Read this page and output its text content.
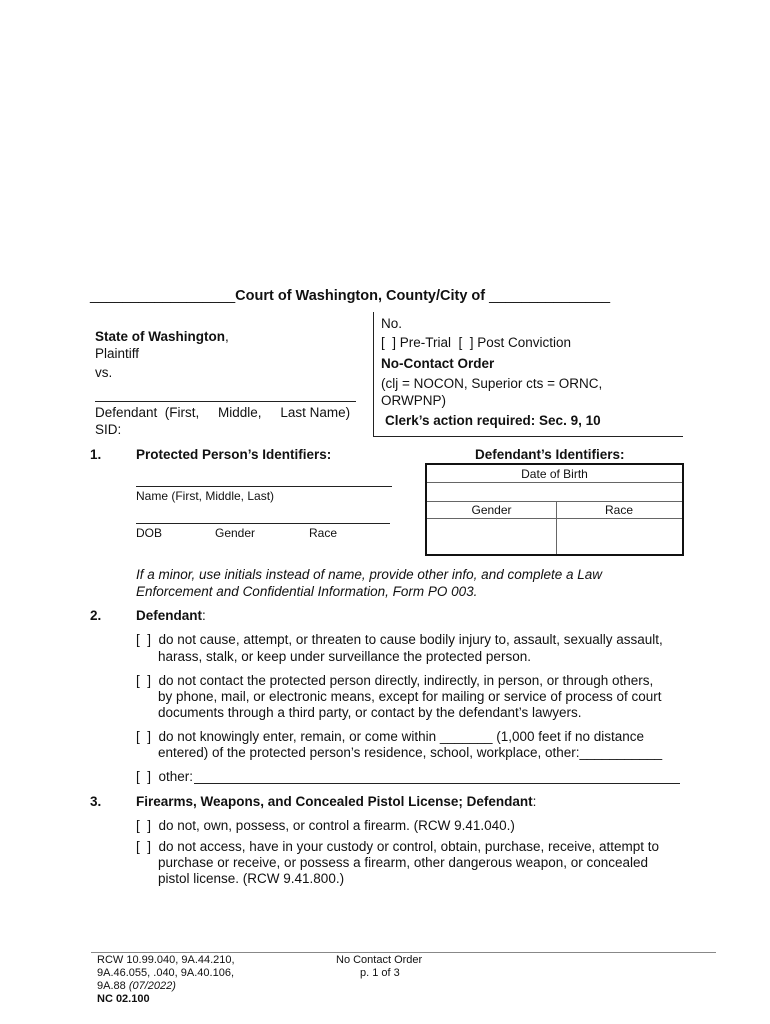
__________________Court of Washington, County/City of _______________
State of Washington,
Plaintiff
vs.
Defendant  (First,     Middle,     Last Name)
SID:
No.
[  ] Pre-Trial  [  ] Post Conviction
No-Contact Order
(clj = NOCON, Superior cts = ORNC,
ORWPNP)
Clerk’s action required: Sec. 9, 10
1.	Protected Person’s Identifiers:
Name (First, Middle, Last)
DOB	Gender	Race
Defendant’s Identifiers:
Date of Birth
Gender	Race
If a minor, use initials instead of name, provide other info, and complete a Law
Enforcement and Confidential Information, Form PO 003.
2.	Defendant:
[  ]  do not cause, attempt, or threaten to cause bodily injury to, assault, sexually assault,
harass, stalk, or keep under surveillance the protected person.
[  ]  do not contact the protected person directly, indirectly, in person, or through others,
by phone, mail, or electronic means, except for mailing or service of process of court
documents through a third party, or contact by the defendant’s lawyers.
[  ]  do not knowingly enter, remain, or come within _______ (1,000 feet if no distance
entered) of the protected person’s residence, school, workplace, other:___________
[  ]  other:
3.	Firearms, Weapons, and Concealed Pistol License; Defendant:
[  ]  do not, own, possess, or control a firearm. (RCW 9.41.040.)
[  ]  do not access, have in your custody or control, obtain, purchase, receive, attempt to
purchase or receive, or possess a firearm, other dangerous weapon, or concealed
pistol license. (RCW 9.41.800.)
RCW 10.99.040, 9A.44.210,
9A.46.055, .040, 9A.40.106,
9A.88 (07/2022)
NC 02.100
No Contact Order
p. 1 of 3
